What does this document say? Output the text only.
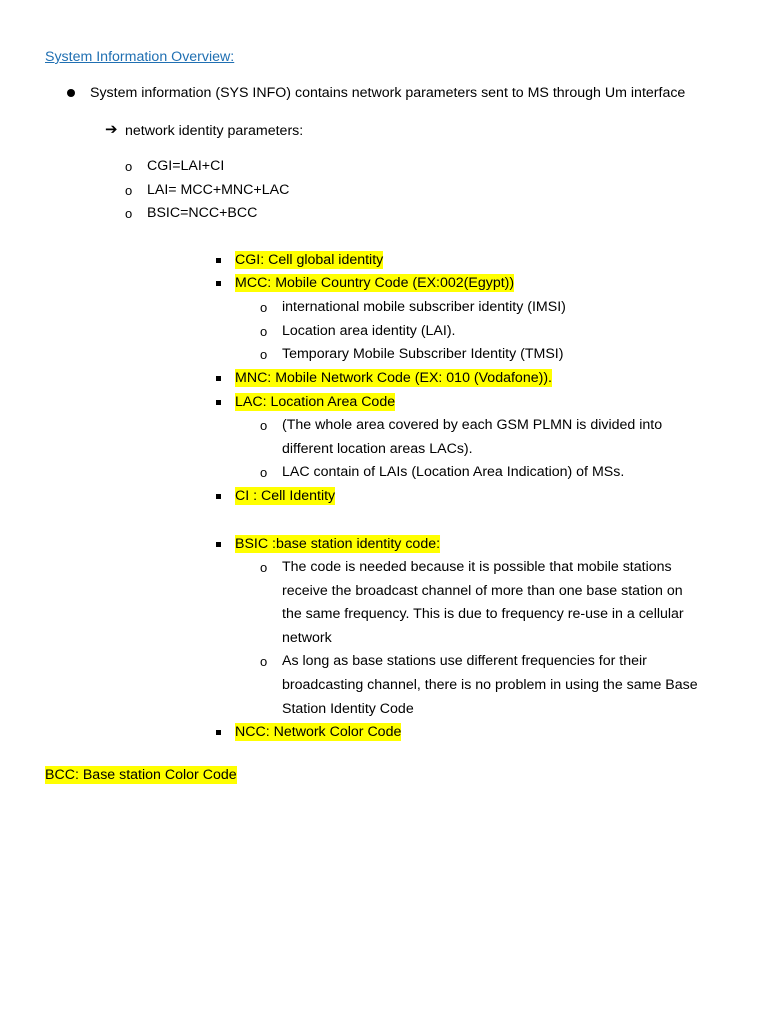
System Information Overview:
System information (SYS INFO) contains network parameters sent to MS through Um interface
➔ network identity parameters:
o CGI=LAI+CI
o LAI= MCC+MNC+LAC
o BSIC=NCC+BCC
CGI: Cell global identity
MCC: Mobile Country Code (EX:002(Egypt))
o international mobile subscriber identity (IMSI)
o Location area identity (LAI).
o Temporary Mobile Subscriber Identity (TMSI)
MNC: Mobile Network Code (EX: 010 (Vodafone)).
LAC: Location Area Code
o (The whole area covered by each GSM PLMN is divided into
different location areas LACs).
o LAC contain of LAIs (Location Area Indication) of MSs.
CI : Cell Identity
BSIC :base station identity code:
o The code is needed because it is possible that mobile stations
receive the broadcast channel of more than one base station on
the same frequency. This is due to frequency re-use in a cellular
network
o As long as base stations use different frequencies for their
broadcasting channel, there is no problem in using the same Base
Station Identity Code
NCC: Network Color Code
BCC: Base station Color Code
